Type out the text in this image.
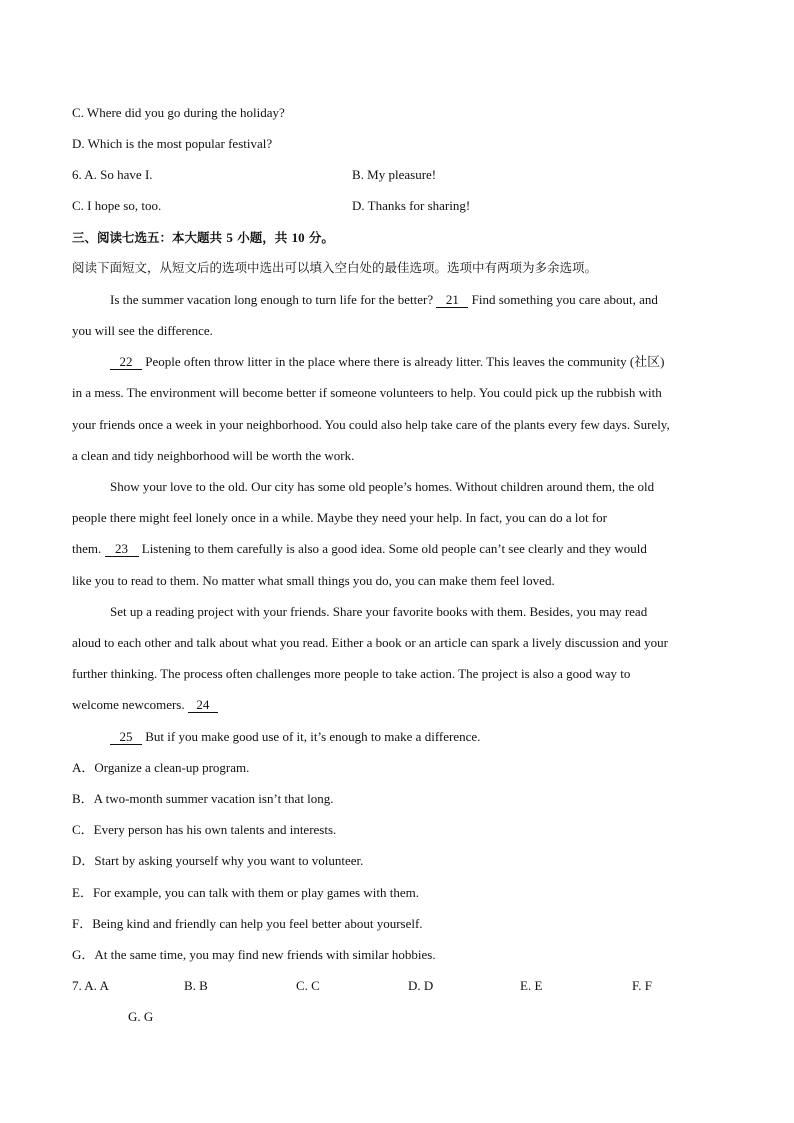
C. Where did you go during the holiday?
D. Which is the most popular festival?
6. A. So have I.	B. My pleasure!
C. I hope so, too.	D. Thanks for sharing!
三、阅读七选五：本大题共 5 小题，共 10 分。
阅读下面短文，从短文后的选项中选出可以填入空白处的最佳选项。选项中有两项为多余选项。
Is the summer vacation long enough to turn life for the better? 21 Find something you care about, and
you will see the difference.
22 People often throw litter in the place where there is already litter. This leaves the community (社区)
in a mess. The environment will become better if someone volunteers to help. You could pick up the rubbish with
your friends once a week in your neighborhood. You could also help take care of the plants every few days. Surely,
a clean and tidy neighborhood will be worth the work.
Show your love to the old. Our city has some old people’s homes. Without children around them, the old
people there might feel lonely once in a while. Maybe they need your help. In fact, you can do a lot for
them. 23 Listening to them carefully is also a good idea. Some old people can’t see clearly and they would
like you to read to them. No matter what small things you do, you can make them feel loved.
Set up a reading project with your friends. Share your favorite books with them. Besides, you may read
aloud to each other and talk about what you read. Either a book or an article can spark a lively discussion and your
further thinking. The process often challenges more people to take action. The project is also a good way to
welcome newcomers. 24
25 But if you make good use of it, it’s enough to make a difference.
A．Organize a clean-up program.
B．A two-month summer vacation isn’t that long.
C．Every person has his own talents and interests.
D．Start by asking yourself why you want to volunteer.
E．For example, you can talk with them or play games with them.
F．Being kind and friendly can help you feel better about yourself.
G．At the same time, you may find new friends with similar hobbies.
7. A. A	B. B	C. C	D. D	E. E	F. F
G. G
